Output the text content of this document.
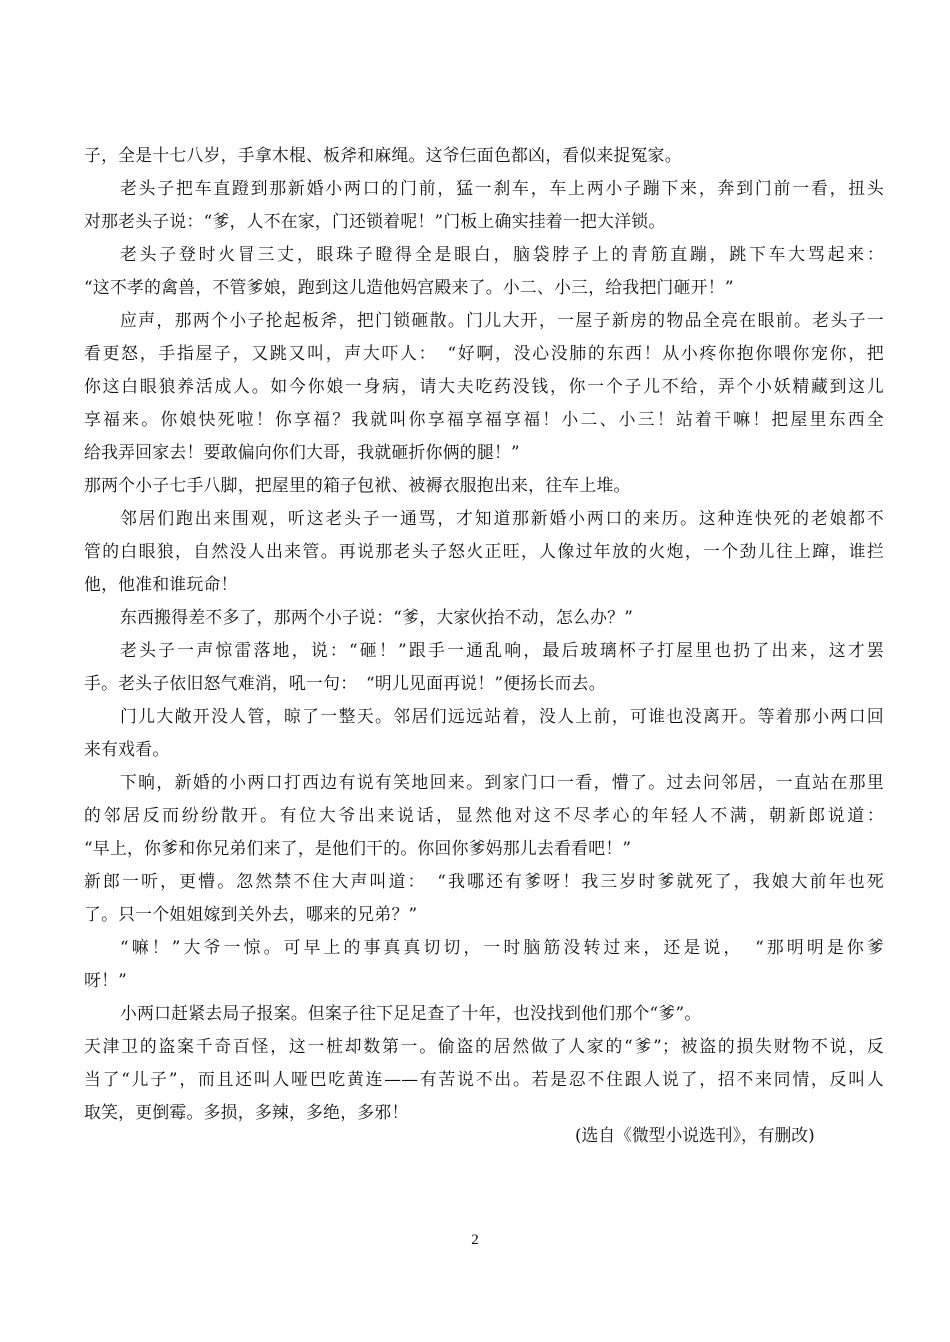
子，全是十七八岁，手拿木棍、板斧和麻绳。这爷仨面色都凶，看似来捉冤家。
老头子把车直蹬到那新婚小两口的门前，猛一刹车，车上两小子蹦下来，奔到门前一看，扭头
对那老头子说：“爹，人不在家，门还锁着呢！”门板上确实挂着一把大洋锁。
老头子登时火冒三丈，眼珠子瞪得全是眼白，脑袋脖子上的青筋直蹦，跳下车大骂起来：
“这不孝的禽兽，不管爹娘，跑到这儿造他妈宫殿来了。小二、小三，给我把门砸开！”
应声，那两个小子抡起板斧，把门锁砸散。门儿大开，一屋子新房的物品全亮在眼前。老头子一
看更怒，手指屋子，又跳又叫，声大吓人：　“好啊，没心没肺的东西！从小疼你抱你喂你宠你，把
你这白眼狼养活成人。如今你娘一身病，请大夫吃药没钱，你一个子儿不给，弄个小妖精藏到这儿
享福来。你娘快死啦！你享福？我就叫你享福享福享福！小二、小三！站着干嘛！把屋里东西全
给我弄回家去！要敢偏向你们大哥，我就砸折你俩的腿！”
那两个小子七手八脚，把屋里的箱子包袱、被褥衣服抱出来，往车上堆。
邻居们跑出来围观，听这老头子一通骂，才知道那新婚小两口的来历。这种连快死的老娘都不
管的白眼狼，自然没人出来管。再说那老头子怒火正旺，人像过年放的火炮，一个劲儿往上蹿，谁拦
他，他准和谁玩命！
东西搬得差不多了，那两个小子说：“爹，大家伙抬不动，怎么办？”
老头子一声惊雷落地，说：“砸！”跟手一通乱响，最后玻璃杯子打屋里也扔了出来，这才罢
手。老头子依旧怒气难消，吼一句：　“明儿见面再说！”便扬长而去。
门儿大敞开没人管，晾了一整天。邻居们远远站着，没人上前，可谁也没离开。等着那小两口回
来有戏看。
下晌，新婚的小两口打西边有说有笑地回来。到家门口一看，懵了。过去问邻居，一直站在那里
的邻居反而纷纷散开。有位大爷出来说话，显然他对这不尽孝心的年轻人不满，朝新郎说道：
“早上，你爹和你兄弟们来了，是他们干的。你回你爹妈那儿去看看吧！”
新郎一听，更懵。忽然禁不住大声叫道：　“我哪还有爹呀！我三岁时爹就死了，我娘大前年也死
了。只一个姐姐嫁到关外去，哪来的兄弟？”
“嘛！”大爷一惊。可早上的事真真切切，一时脑筋没转过来，还是说，　“那明明是你爹
呀！”
小两口赶紧去局子报案。但案子往下足足查了十年，也没找到他们那个“爹”。
天津卫的盗案千奇百怪，这一桩却数第一。偷盗的居然做了人家的“爹”；被盗的损失财物不说，反
当了“儿子”，而且还叫人哑巴吃黄连——有苦说不出。若是忍不住跟人说了，招不来同情，反叫人
取笑，更倒霉。多损，多辣，多绝，多邪！
(选自《微型小说选刊》，有删改)
2
